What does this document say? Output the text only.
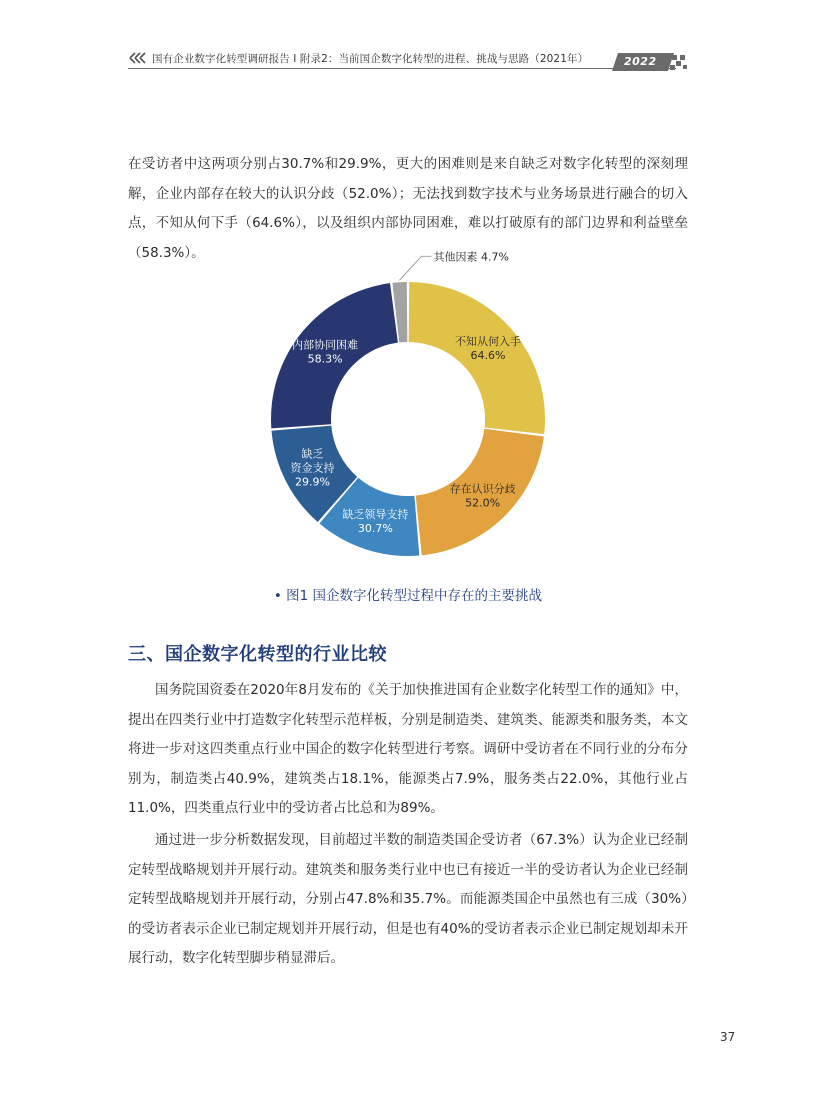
国有企业数字化转型调研报告 Ⅰ 附录2：当前国企数字化转型的进程、挑战与思路（2021年）	2022

在受访者中这两项分别占30.7%和29.9%，更大的困难则是来自缺乏对数字化转型的深刻理解，企业内部存在较大的认识分歧（52.0%）；无法找到数字技术与业务场景进行融合的切入点，不知从何下手（64.6%），以及组织内部协同困难，难以打破原有的部门边界和利益壁垒（58.3%）。

不知从何入手
64.6%
存在认识分歧
52.0%
缺乏领导支持
30.7%
缺乏
资金支持
29.9%
内部协同困难
58.3%
其他因素 4.7%
• 图1 国企数字化转型过程中存在的主要挑战
三、国企数字化转型的行业比较

国务院国资委在2020年8月发布的《关于加快推进国有企业数字化转型工作的通知》中，提出在四类行业中打造数字化转型示范样板，分别是制造类、建筑类、能源类和服务类，本文将进一步对这四类重点行业中国企的数字化转型进行考察。调研中受访者在不同行业的分布分别为，制造类占40.9%，建筑类占18.1%，能源类占7.9%，服务类占22.0%，其他行业占11.0%，四类重点行业中的受访者占比总和为89%。

通过进一步分析数据发现，目前超过半数的制造类国企受访者（67.3%）认为企业已经制定转型战略规划并开展行动。建筑类和服务类行业中也已有接近一半的受访者认为企业已经制定转型战略规划并开展行动，分别占47.8%和35.7%。而能源类国企中虽然也有三成（30%）的受访者表示企业已制定规划并开展行动，但是也有40%的受访者表示企业已制定规划却未开展行动，数字化转型脚步稍显滞后。

37
